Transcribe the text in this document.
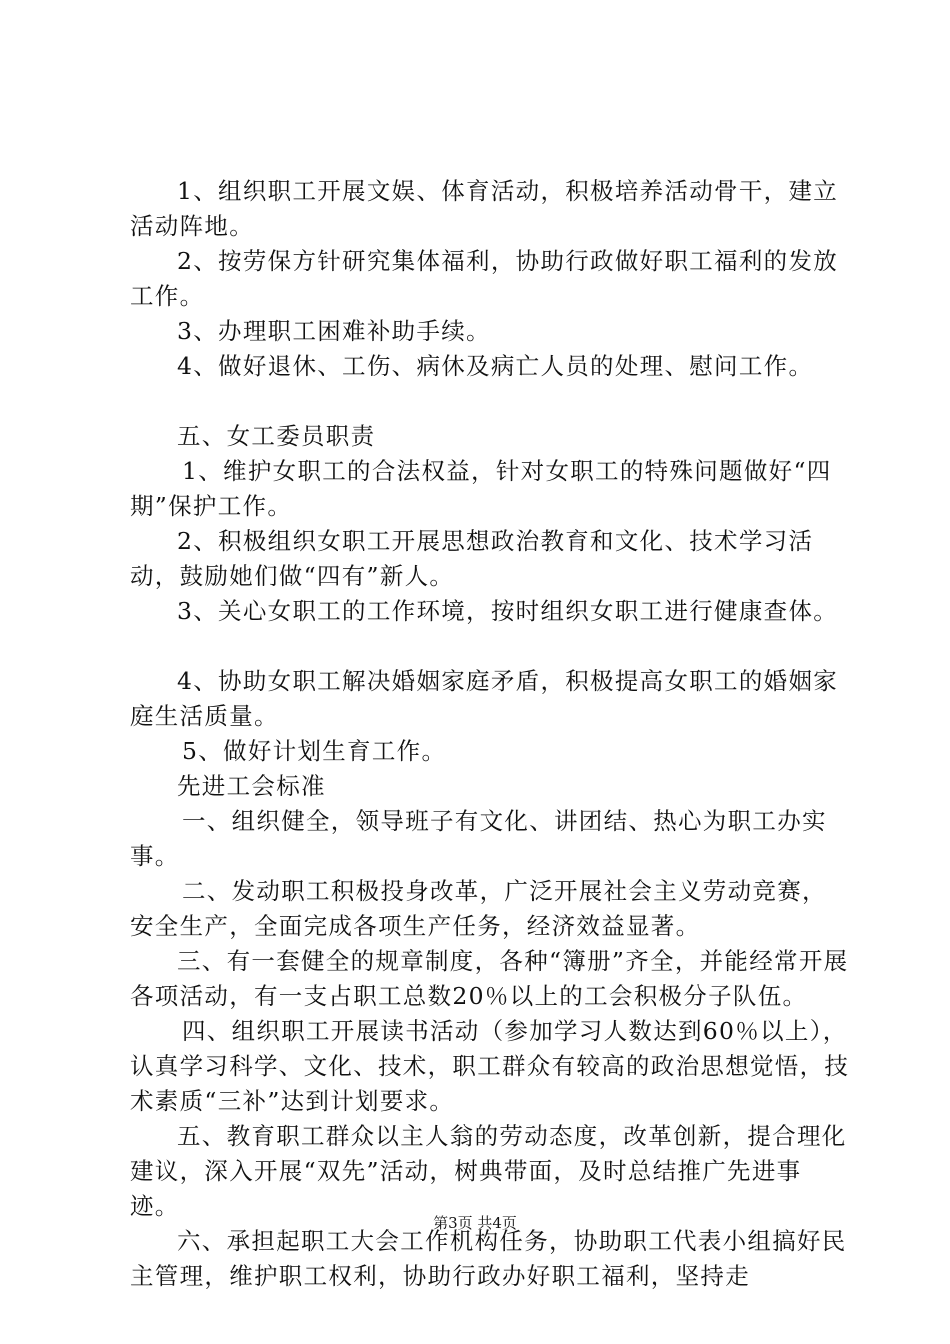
1、组织职工开展文娱、体育活动，积极培养活动骨干，建立活动阵地。

2、按劳保方针研究集体福利，协助行政做好职工福利的发放工作。

3、办理职工困难补助手续。

4、做好退休、工伤、病休及病亡人员的处理、慰问工作。

五、女工委员职责

1、维护女职工的合法权益，针对女职工的特殊问题做好“四期”保护工作。

2、积极组织女职工开展思想政治教育和文化、技术学习活动，鼓励她们做“四有”新人。

3、关心女职工的工作环境，按时组织女职工进行健康查体。

4、协助女职工解决婚姻家庭矛盾，积极提高女职工的婚姻家庭生活质量。

5、做好计划生育工作。

先进工会标准

一、组织健全，领导班子有文化、讲团结、热心为职工办实事。

二、发动职工积极投身改革，广泛开展社会主义劳动竞赛，安全生产，全面完成各项生产任务，经济效益显著。

三、有一套健全的规章制度，各种“簿册”齐全，并能经常开展各项活动，有一支占职工总数20％以上的工会积极分子队伍。

四、组织职工开展读书活动（参加学习人数达到60％以上），认真学习科学、文化、技术，职工群众有较高的政治思想觉悟，技术素质“三补”达到计划要求。

五、教育职工群众以主人翁的劳动态度，改革创新，提合理化建议，深入开展“双先”活动，树典带面，及时总结推广先进事迹。

六、承担起职工大会工作机构任务，协助职工代表小组搞好民主管理，维护职工权利，协助行政办好职工福利，坚持走

第3页 共4页
